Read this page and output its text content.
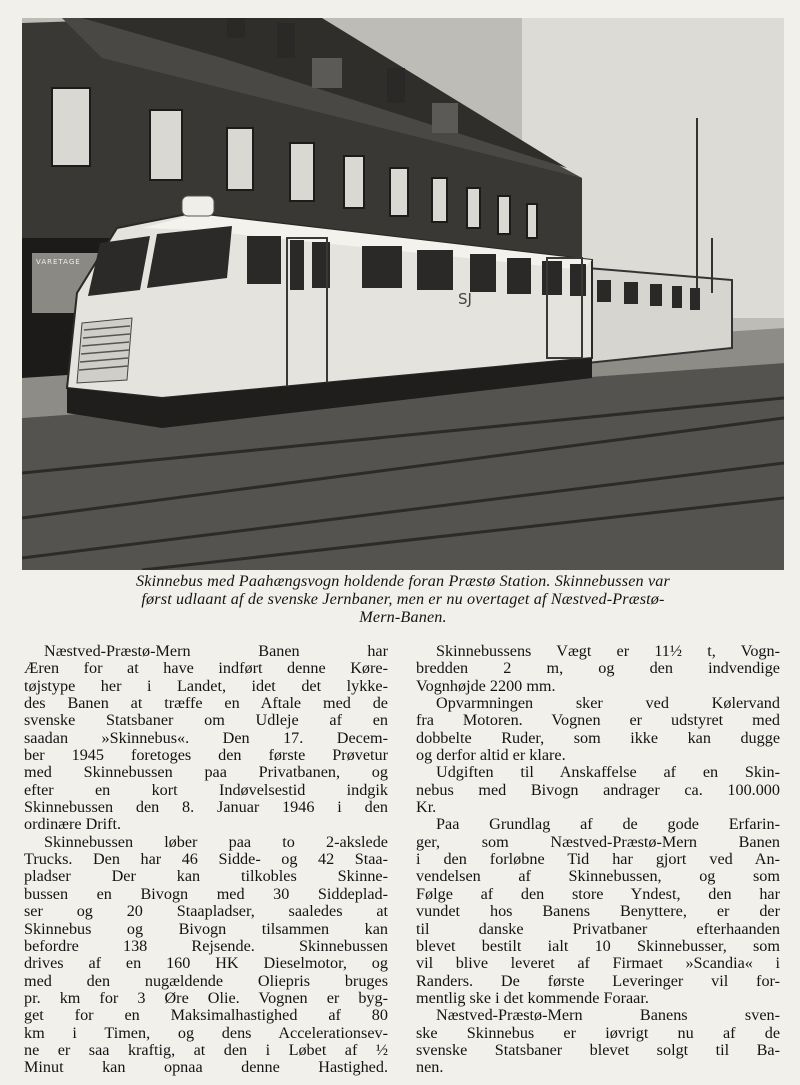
SJ
VARETAGE
Skinnebus med Paahængsvogn holdende foran Præstø Station. Skinnebussen var
først udlaant af de svenske Jernbaner, men er nu overtaget af Næstved-Præstø-
Mern-Banen.
Næstved-Præstø-Mern Banen har
Æren for at have indført denne Køre-
tøjstype her i Landet, idet det lykke-
des Banen at træffe en Aftale med de
svenske Statsbaner om Udleje af en
saadan »Skinnebus«. Den 17. Decem-
ber 1945 foretoges den første Prøvetur
med Skinnebussen paa Privatbanen, og
efter en kort Indøvelsestid indgik
Skinnebussen den 8. Januar 1946 i den
ordinære Drift.
Skinnebussen løber paa to 2-akslede
Trucks. Den har 46 Sidde- og 42 Staa-
pladser Der kan tilkobles Skinne-
bussen en Bivogn med 30 Siddeplad-
ser og 20 Staapladser, saaledes at
Skinnebus og Bivogn tilsammen kan
befordre 138 Rejsende. Skinnebussen
drives af en 160 HK Dieselmotor, og
med den nugældende Oliepris bruges
pr. km for 3 Øre Olie. Vognen er byg-
get for en Maksimalhastighed af 80
km i Timen, og dens Accelerationsev-
ne er saa kraftig, at den i Løbet af ½
Minut kan opnaa denne Hastighed.
Skinnebussens Vægt er 11½ t, Vogn-
bredden 2 m, og den indvendige
Vognhøjde 2200 mm.
Opvarmningen sker ved Kølervand
fra Motoren. Vognen er udstyret med
dobbelte Ruder, som ikke kan dugge
og derfor altid er klare.
Udgiften til Anskaffelse af en Skin-
nebus med Bivogn andrager ca. 100.000
Kr.
Paa Grundlag af de gode Erfarin-
ger, som Næstved-Præstø-Mern Banen
i den forløbne Tid har gjort ved An-
vendelsen af Skinnebussen, og som
Følge af den store Yndest, den har
vundet hos Banens Benyttere, er der
til danske Privatbaner efterhaanden
blevet bestilt ialt 10 Skinnebusser, som
vil blive leveret af Firmaet »Scandia« i
Randers. De første Leveringer vil for-
mentlig ske i det kommende Foraar.
Næstved-Præstø-Mern Banens sven-
ske Skinnebus er iøvrigt nu af de
svenske Statsbaner blevet solgt til Ba-
nen.
